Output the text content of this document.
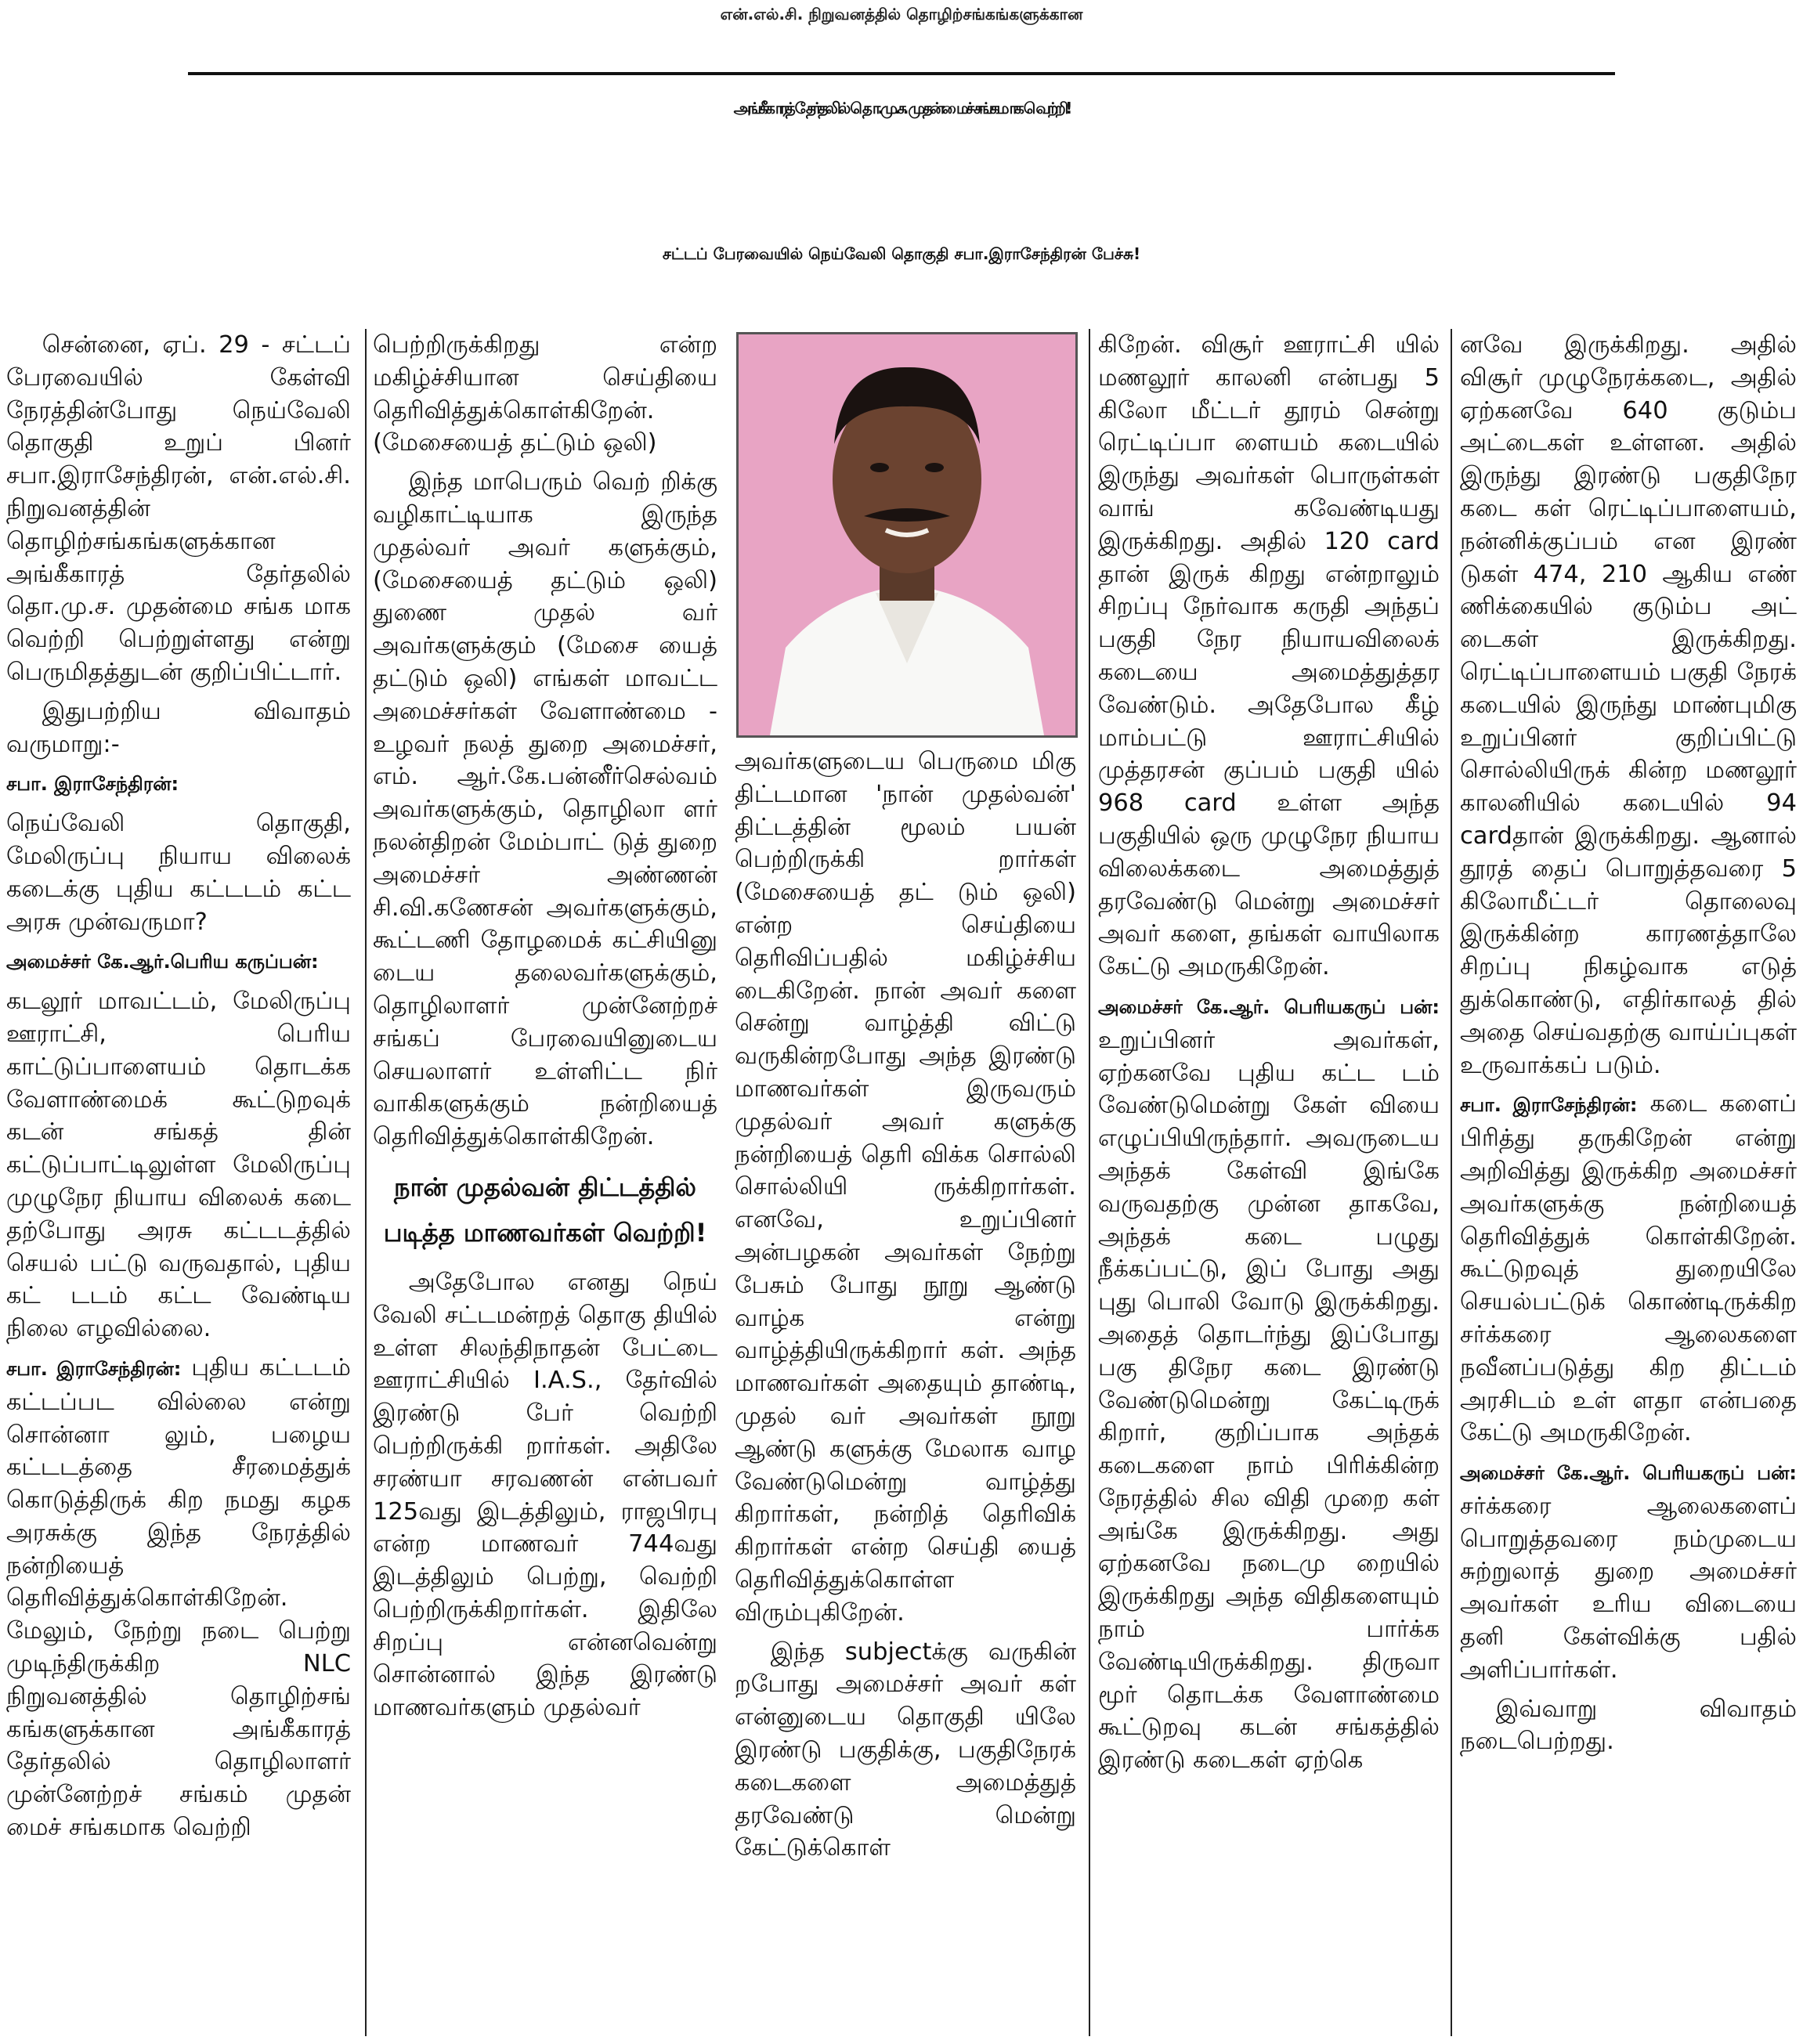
என்.எல்.சி. நிறுவனத்தில் தொழிற்சங்கங்களுக்கான
அங்கீகாரத் தேர்தலில் தொ.மு.ச. முதன்மைச் சங்கமாக வெற்றி!
சட்டப் பேரவையில் நெய்வேலி தொகுதி சபா.இராசேந்திரன் பேச்சு!

சென்னை, ஏப். 29 - சட்டப் பேரவையில் கேள்வி நேரத்தின்போது நெய்வேலி தொகுதி உறுப் பினர் சபா.இராசேந்திரன், என்.எல்.சி. நிறுவனத்தின் தொழிற்சங்கங்களுக்கான அங்கீகாரத் தேர்தலில் தொ.மு.ச. முதன்மை சங்க மாக வெற்றி பெற்றுள்ளது என்று பெருமிதத்துடன் குறிப்பிட்டார்.

இதுபற்றிய விவாதம் வருமாறு:-

சபா. இராசேந்திரன்:

நெய்வேலி தொகுதி, மேலிருப்பு நியாய விலைக் கடைக்கு புதிய கட்டடம் கட்ட அரசு முன்வருமா?

அமைச்சர் கே.ஆர்.பெரிய கருப்பன்:

கடலூர் மாவட்டம், மேலிருப்பு ஊராட்சி, பெரிய காட்டுப்பாளையம் தொடக்க வேளாண்மைக் கூட்டுறவுக் கடன் சங்கத் தின் கட்டுப்பாட்டிலுள்ள மேலிருப்பு முழுநேர நியாய விலைக் கடை தற்போது அரசு கட்டடத்தில் செயல் பட்டு வருவதால், புதிய கட் டடம் கட்ட வேண்டிய நிலை எழவில்லை.

சபா. இராசேந்திரன்: புதிய கட்டடம் கட்டப்பட வில்லை என்று சொன்னா லும், பழைய கட்டடத்தை சீரமைத்துக் கொடுத்திருக் கிற நமது கழக அரசுக்கு இந்த நேரத்தில் நன்றியைத் தெரிவித்துக்கொள்கிறேன். மேலும், நேற்று நடை பெற்று முடிந்திருக்கிற NLC நிறுவனத்தில் தொழிற்சங் கங்களுக்கான அங்கீகாரத் தேர்தலில் தொழிலாளர் முன்னேற்றச் சங்கம் முதன் மைச் சங்கமாக வெற்றி

பெற்றிருக்கிறது என்ற மகிழ்ச்சியான செய்தியை தெரிவித்துக்கொள்கிறேன். (மேசையைத் தட்டும் ஒலி)

இந்த மாபெரும் வெற் றிக்கு வழிகாட்டியாக இருந்த முதல்வர் அவர் களுக்கும், (மேசையைத் தட்டும் ஒலி) துணை முதல் வர் அவர்களுக்கும் (மேசை யைத் தட்டும் ஒலி) எங்கள் மாவட்ட அமைச்சர்கள் வேளாண்மை - உழவர் நலத் துறை அமைச்சர், எம். ஆர்.கே.பன்னீர்செல்வம் அவர்களுக்கும், தொழிலா ளர் நலன்திறன் மேம்பாட் டுத் துறை அமைச்சர் அண்ணன் சி.வி.கணேசன் அவர்களுக்கும், கூட்டணி தோழமைக் கட்சியினு டைய தலைவர்களுக்கும், தொழிலாளர் முன்னேற்றச் சங்கப் பேரவையினுடைய செயலாளர் உள்ளிட்ட நிர் வாகிகளுக்கும் நன்றியைத் தெரிவித்துக்கொள்கிறேன்.

நான் முதல்வன் திட்டத்தில்
படித்த மாணவர்கள் வெற்றி!

அதேபோல எனது நெய் வேலி சட்டமன்றத் தொகு தியில் உள்ள சிலந்திநாதன் பேட்டை ஊராட்சியில் I.A.S., தேர்வில் இரண்டு பேர் வெற்றி பெற்றிருக்கி றார்கள். அதிலே சரண்யா சரவணன் என்பவர் 125வது இடத்திலும், ராஜபிரபு என்ற மாணவர் 744வது இடத்திலும் பெற்று, வெற்றி பெற்றிருக்கிறார்கள். இதிலே சிறப்பு என்னவென்று சொன்னால் இந்த இரண்டு மாணவர்களும் முதல்வர்

அவர்களுடைய பெருமை மிகு திட்டமான 'நான் முதல்வன்' திட்டத்தின் மூலம் பயன் பெற்றிருக்கி றார்கள் (மேசையைத் தட் டும் ஒலி) என்ற செய்தியை தெரிவிப்பதில் மகிழ்ச்சிய டைகிறேன். நான் அவர் களை சென்று வாழ்த்தி விட்டு வருகின்றபோது அந்த இரண்டு மாணவர்கள் இருவரும் முதல்வர் அவர் களுக்கு நன்றியைத் தெரி விக்க சொல்லி சொல்லியி ருக்கிறார்கள். எனவே, உறுப்பினர் அன்பழகன் அவர்கள் நேற்று பேசும் போது நூறு ஆண்டு வாழ்க என்று வாழ்த்தியிருக்கிறார் கள். அந்த மாணவர்கள் அதையும் தாண்டி, முதல் வர் அவர்கள் நூறு ஆண்டு களுக்கு மேலாக வாழ வேண்டுமென்று வாழ்த்து கிறார்கள், நன்றித் தெரிவிக் கிறார்கள் என்ற செய்தி யைத் தெரிவித்துக்கொள்ள விரும்புகிறேன்.

இந்த subjectக்கு வருகின் றபோது அமைச்சர் அவர் கள் என்னுடைய தொகுதி யிலே இரண்டு பகுதிக்கு, பகுதிநேரக் கடைகளை அமைத்துத் தரவேண்டு மென்று கேட்டுக்கொள்

கிறேன். விசூர் ஊராட்சி யில் மணலூர் காலனி என்பது 5 கிலோ மீட்டர் தூரம் சென்று ரெட்டிப்பா ளையம் கடையில் இருந்து அவர்கள் பொருள்கள் வாங் கவேண்டியது இருக்கிறது. அதில் 120 card தான் இருக் கிறது என்றாலும் சிறப்பு நேர்வாக கருதி அந்தப் பகுதி நேர நியாயவிலைக் கடையை அமைத்துத்தர வேண்டும். அதேபோல கீழ் மாம்பட்டு ஊராட்சியில் முத்தரசன் குப்பம் பகுதி யில் 968 card உள்ள அந்த பகுதியில் ஒரு முழுநேர நியாய விலைக்கடை அமைத்துத் தரவேண்டு மென்று அமைச்சர் அவர் களை, தங்கள் வாயிலாக கேட்டு அமருகிறேன்.

அமைச்சர் கே.ஆர். பெரியகருப் பன்: உறுப்பினர் அவர்கள், ஏற்கனவே புதிய கட்ட டம் வேண்டுமென்று கேள் வியை எழுப்பியிருந்தார். அவருடைய அந்தக் கேள்வி இங்கே வருவதற்கு முன்ன தாகவே, அந்தக் கடை பழுது நீக்கப்பட்டு, இப் போது அது புது பொலி வோடு இருக்கிறது. அதைத் தொடர்ந்து இப்போது பகு திநேர கடை இரண்டு வேண்டுமென்று கேட்டிருக் கிறார், குறிப்பாக அந்தக் கடைகளை நாம் பிரிக்கின்ற நேரத்தில் சில விதி முறை கள் அங்கே இருக்கிறது. அது ஏற்கனவே நடைமு றையில் இருக்கிறது அந்த விதிகளையும் நாம் பார்க்க வேண்டியிருக்கிறது. திருவா மூர் தொடக்க வேளாண்மை கூட்டுறவு கடன் சங்கத்தில் இரண்டு கடைகள் ஏற்கெ

னவே இருக்கிறது. அதில் விசூர் முழுநேரக்கடை, அதில் ஏற்கனவே 640 குடும்ப அட்டைகள் உள்ளன. அதில் இருந்து இரண்டு பகுதிநேர கடை கள் ரெட்டிப்பாளையம், நன்னிக்குப்பம் என இரண் டுகள் 474, 210 ஆகிய எண் ணிக்கையில் குடும்ப அட் டைகள் இருக்கிறது. ரெட்டிப்பாளையம் பகுதி நேரக் கடையில் இருந்து மாண்புமிகு உறுப்பினர் குறிப்பிட்டு சொல்லியிருக் கின்ற மணலூர் காலனியில் கடையில் 94 cardதான் இருக்கிறது. ஆனால் தூரத் தைப் பொறுத்தவரை 5 கிலோமீட்டர் தொலைவு இருக்கின்ற காரணத்தாலே சிறப்பு நிகழ்வாக எடுத் துக்கொண்டு, எதிர்காலத் தில் அதை செய்வதற்கு வாய்ப்புகள் உருவாக்கப் படும்.

சபா. இராசேந்திரன்: கடை களைப் பிரித்து தருகிறேன் என்று அறிவித்து இருக்கிற அமைச்சர் அவர்களுக்கு நன்றியைத் தெரிவித்துக் கொள்கிறேன். கூட்டுறவுத் துறையிலே செயல்பட்டுக் கொண்டிருக்கிற சர்க்கரை ஆலைகளை நவீனப்படுத்து கிற திட்டம் அரசிடம் உள் ளதா என்பதை கேட்டு அமருகிறேன்.

அமைச்சர் கே.ஆர். பெரியகருப் பன்: சர்க்கரை ஆலைகளைப் பொறுத்தவரை நம்முடைய சுற்றுலாத் துறை அமைச்சர் அவர்கள் உரிய விடையை தனி கேள்விக்கு பதில் அளிப்பார்கள்.

இவ்வாறு விவாதம் நடைபெற்றது.
